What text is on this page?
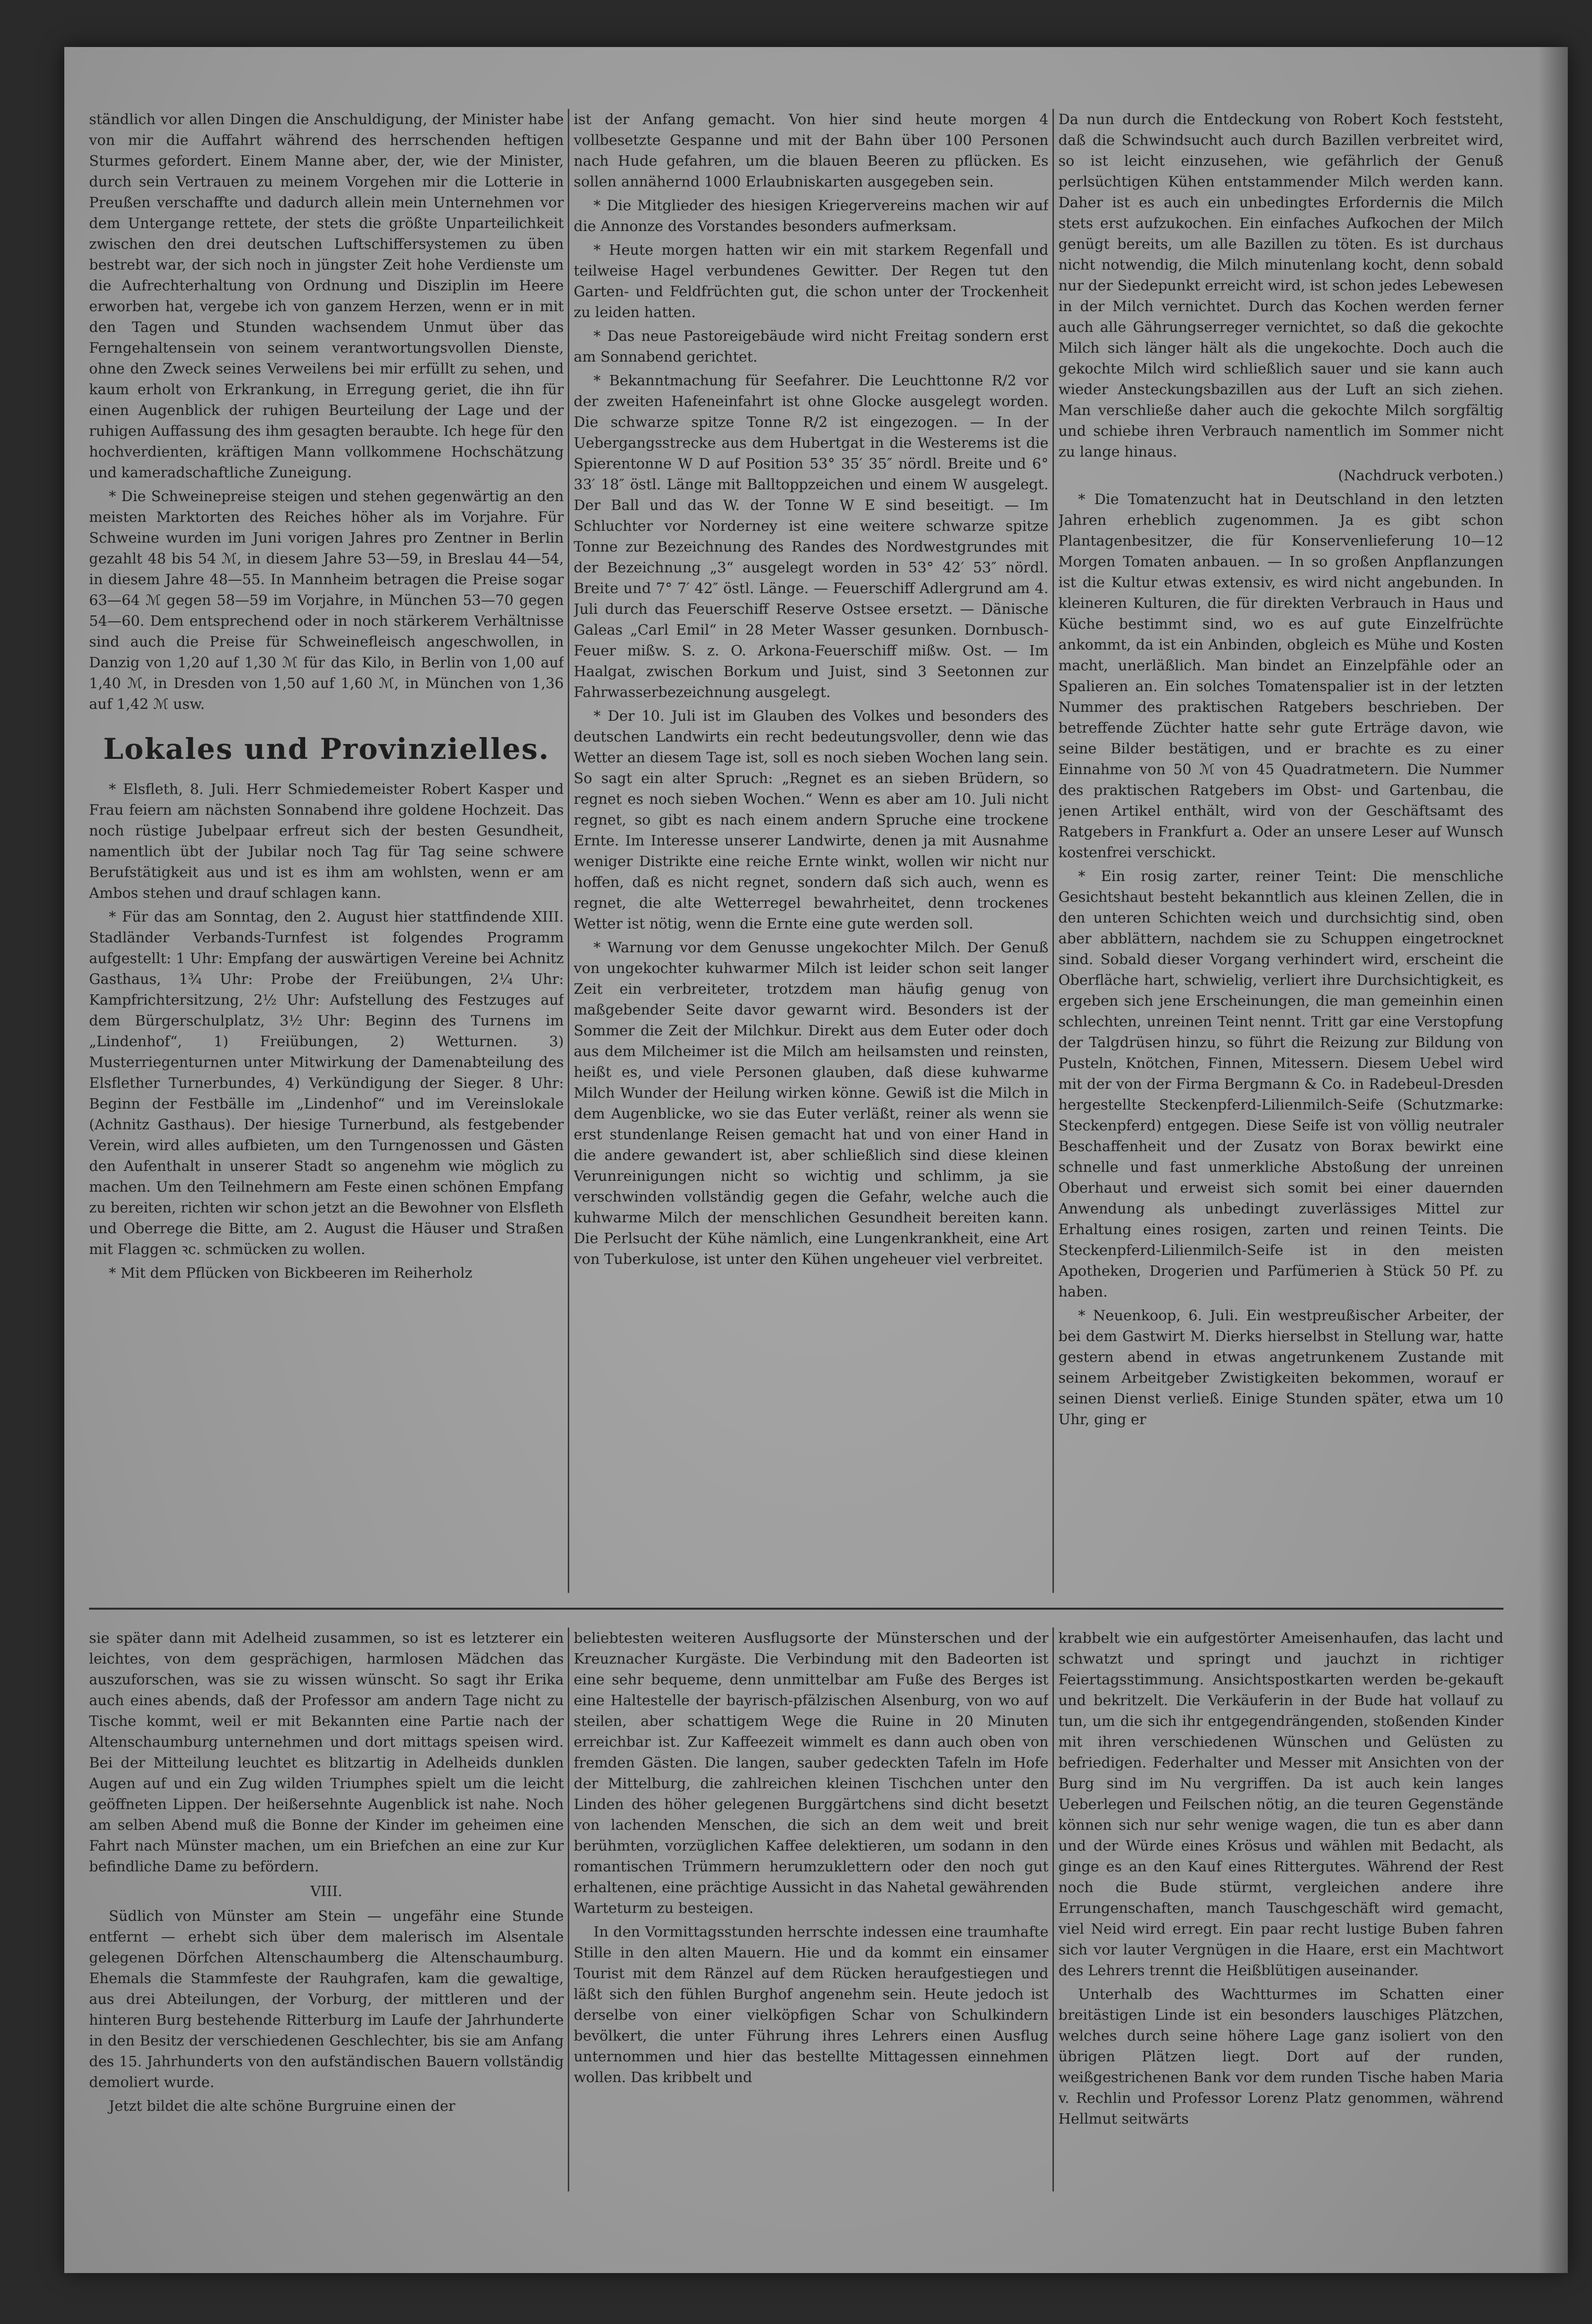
ständlich vor allen Dingen die Anschuldigung, der Minister habe von mir die Auffahrt während des herrschenden heftigen Sturmes gefordert. Einem Manne aber, der, wie der Minister, durch sein Vertrauen zu meinem Vorgehen mir die Lotterie in Preußen verschaffte und dadurch allein mein Unternehmen vor dem Untergange rettete, der stets die größte Unparteilichkeit zwischen den drei deutschen Luftschiffersystemen zu üben bestrebt war, der sich noch in jüngster Zeit hohe Verdienste um die Aufrechterhaltung von Ordnung und Disziplin im Heere erworben hat, vergebe ich von ganzem Herzen, wenn er in mit den Tagen und Stunden wachsendem Unmut über das Ferngehaltensein von seinem verantwortungsvollen Dienste, ohne den Zweck seines Verweilens bei mir erfüllt zu sehen, und kaum erholt von Erkrankung, in Erregung geriet, die ihn für einen Augenblick der ruhigen Beurteilung der Lage und der ruhigen Auffassung des ihm gesagten beraubte. Ich hege für den hochverdienten, kräftigen Mann vollkommene Hochschätzung und kameradschaftliche Zuneigung.

* Die Schweinepreise steigen und stehen gegenwärtig an den meisten Marktorten des Reiches höher als im Vorjahre. Für Schweine wurden im Juni vorigen Jahres pro Zentner in Berlin gezahlt 48 bis 54 ℳ, in diesem Jahre 53—59, in Breslau 44—54, in diesem Jahre 48—55. In Mannheim betragen die Preise sogar 63—64 ℳ gegen 58—59 im Vorjahre, in München 53—70 gegen 54—60. Dem entsprechend oder in noch stärkerem Verhältnisse sind auch die Preise für Schweinefleisch angeschwollen, in Danzig von 1,20 auf 1,30 ℳ für das Kilo, in Berlin von 1,00 auf 1,40 ℳ, in Dresden von 1,50 auf 1,60 ℳ, in München von 1,36 auf 1,42 ℳ usw.

Lokales und Provinzielles.

* Elsfleth, 8. Juli. Herr Schmiedemeister Robert Kasper und Frau feiern am nächsten Sonnabend ihre goldene Hochzeit. Das noch rüstige Jubelpaar erfreut sich der besten Gesundheit, namentlich übt der Jubilar noch Tag für Tag seine schwere Berufstätigkeit aus und ist es ihm am wohlsten, wenn er am Ambos stehen und drauf schlagen kann.

* Für das am Sonntag, den 2. August hier stattfindende XIII. Stadländer Verbands-Turnfest ist folgendes Programm aufgestellt: 1 Uhr: Empfang der auswärtigen Vereine bei Achnitz Gasthaus, 1¾ Uhr: Probe der Freiübungen, 2¼ Uhr: Kampfrichtersitzung, 2½ Uhr: Aufstellung des Festzuges auf dem Bürgerschulplatz, 3½ Uhr: Beginn des Turnens im „Lindenhof“, 1) Freiübungen, 2) Wetturnen. 3) Musterriegenturnen unter Mitwirkung der Damenabteilung des Elsflether Turnerbundes, 4) Verkündigung der Sieger. 8 Uhr: Beginn der Festbälle im „Lindenhof“ und im Vereinslokale (Achnitz Gasthaus). Der hiesige Turnerbund, als festgebender Verein, wird alles aufbieten, um den Turngenossen und Gästen den Aufenthalt in unserer Stadt so angenehm wie möglich zu machen. Um den Teilnehmern am Feste einen schönen Empfang zu bereiten, richten wir schon jetzt an die Bewohner von Elsfleth und Oberrege die Bitte, am 2. August die Häuser und Straßen mit Flaggen ꝛc. schmücken zu wollen.

* Mit dem Pflücken von Bickbeeren im Reiherholz

ist der Anfang gemacht. Von hier sind heute morgen 4 vollbesetzte Gespanne und mit der Bahn über 100 Personen nach Hude gefahren, um die blauen Beeren zu pflücken. Es sollen annähernd 1000 Erlaubniskarten ausgegeben sein.

* Die Mitglieder des hiesigen Kriegervereins machen wir auf die Annonze des Vorstandes besonders aufmerksam.

* Heute morgen hatten wir ein mit starkem Regenfall und teilweise Hagel verbundenes Gewitter. Der Regen tut den Garten- und Feldfrüchten gut, die schon unter der Trockenheit zu leiden hatten.

* Das neue Pastoreigebäude wird nicht Freitag sondern erst am Sonnabend gerichtet.

* Bekanntmachung für Seefahrer. Die Leuchttonne R/2 vor der zweiten Hafeneinfahrt ist ohne Glocke ausgelegt worden. Die schwarze spitze Tonne R/2 ist eingezogen. — In der Uebergangsstrecke aus dem Hubertgat in die Westerems ist die Spierentonne W D auf Position 53° 35′ 35″ nördl. Breite und 6° 33′ 18″ östl. Länge mit Balltoppzeichen und einem W ausgelegt. Der Ball und das W. der Tonne W E sind beseitigt. — Im Schluchter vor Norderney ist eine weitere schwarze spitze Tonne zur Bezeichnung des Randes des Nordwestgrundes mit der Bezeichnung „3“ ausgelegt worden in 53° 42′ 53″ nördl. Breite und 7° 7′ 42″ östl. Länge. — Feuerschiff Adlergrund am 4. Juli durch das Feuerschiff Reserve Ostsee ersetzt. — Dänische Galeas „Carl Emil“ in 28 Meter Wasser gesunken. Dornbusch-Feuer mißw. S. z. O. Arkona-Feuerschiff mißw. Ost. — Im Haalgat, zwischen Borkum und Juist, sind 3 Seetonnen zur Fahrwasserbezeichnung ausgelegt.

* Der 10. Juli ist im Glauben des Volkes und besonders des deutschen Landwirts ein recht bedeutungsvoller, denn wie das Wetter an diesem Tage ist, soll es noch sieben Wochen lang sein. So sagt ein alter Spruch: „Regnet es an sieben Brüdern, so regnet es noch sieben Wochen.“ Wenn es aber am 10. Juli nicht regnet, so gibt es nach einem andern Spruche eine trockene Ernte. Im Interesse unserer Landwirte, denen ja mit Ausnahme weniger Distrikte eine reiche Ernte winkt, wollen wir nicht nur hoffen, daß es nicht regnet, sondern daß sich auch, wenn es regnet, die alte Wetterregel bewahrheitet, denn trockenes Wetter ist nötig, wenn die Ernte eine gute werden soll.

* Warnung vor dem Genusse ungekochter Milch. Der Genuß von ungekochter kuhwarmer Milch ist leider schon seit langer Zeit ein verbreiteter, trotzdem man häufig genug von maßgebender Seite davor gewarnt wird. Besonders ist der Sommer die Zeit der Milchkur. Direkt aus dem Euter oder doch aus dem Milcheimer ist die Milch am heilsamsten und reinsten, heißt es, und viele Personen glauben, daß diese kuhwarme Milch Wunder der Heilung wirken könne. Gewiß ist die Milch in dem Augenblicke, wo sie das Euter verläßt, reiner als wenn sie erst stundenlange Reisen gemacht hat und von einer Hand in die andere gewandert ist, aber schließlich sind diese kleinen Verunreinigungen nicht so wichtig und schlimm, ja sie verschwinden vollständig gegen die Gefahr, welche auch die kuhwarme Milch der menschlichen Gesundheit bereiten kann. Die Perlsucht der Kühe nämlich, eine Lungenkrankheit, eine Art von Tuberkulose, ist unter den Kühen ungeheuer viel verbreitet.

Da nun durch die Entdeckung von Robert Koch feststeht, daß die Schwindsucht auch durch Bazillen verbreitet wird, so ist leicht einzusehen, wie gefährlich der Genuß perlsüchtigen Kühen entstammender Milch werden kann. Daher ist es auch ein unbedingtes Erfordernis die Milch stets erst aufzukochen. Ein einfaches Aufkochen der Milch genügt bereits, um alle Bazillen zu töten. Es ist durchaus nicht notwendig, die Milch minutenlang kocht, denn sobald nur der Siedepunkt erreicht wird, ist schon jedes Lebewesen in der Milch vernichtet. Durch das Kochen werden ferner auch alle Gährungserreger vernichtet, so daß die gekochte Milch sich länger hält als die ungekochte. Doch auch die gekochte Milch wird schließlich sauer und sie kann auch wieder Ansteckungsbazillen aus der Luft an sich ziehen. Man verschließe daher auch die gekochte Milch sorgfältig und schiebe ihren Verbrauch namentlich im Sommer nicht zu lange hinaus.

(Nachdruck verboten.)

* Die Tomatenzucht hat in Deutschland in den letzten Jahren erheblich zugenommen. Ja es gibt schon Plantagenbesitzer, die für Konservenlieferung 10—12 Morgen Tomaten anbauen. — In so großen Anpflanzungen ist die Kultur etwas extensiv, es wird nicht angebunden. In kleineren Kulturen, die für direkten Verbrauch in Haus und Küche bestimmt sind, wo es auf gute Einzelfrüchte ankommt, da ist ein Anbinden, obgleich es Mühe und Kosten macht, unerläßlich. Man bindet an Einzelpfähle oder an Spalieren an. Ein solches Tomatenspalier ist in der letzten Nummer des praktischen Ratgebers beschrieben. Der betreffende Züchter hatte sehr gute Erträge davon, wie seine Bilder bestätigen, und er brachte es zu einer Einnahme von 50 ℳ von 45 Quadratmetern. Die Nummer des praktischen Ratgebers im Obst- und Gartenbau, die jenen Artikel enthält, wird von der Geschäftsamt des Ratgebers in Frankfurt a. Oder an unsere Leser auf Wunsch kostenfrei verschickt.

* Ein rosig zarter, reiner Teint: Die menschliche Gesichtshaut besteht bekanntlich aus kleinen Zellen, die in den unteren Schichten weich und durchsichtig sind, oben aber abblättern, nachdem sie zu Schuppen eingetrocknet sind. Sobald dieser Vorgang verhindert wird, erscheint die Oberfläche hart, schwielig, verliert ihre Durchsichtigkeit, es ergeben sich jene Erscheinungen, die man gemeinhin einen schlechten, unreinen Teint nennt. Tritt gar eine Verstopfung der Talgdrüsen hinzu, so führt die Reizung zur Bildung von Pusteln, Knötchen, Finnen, Mitessern. Diesem Uebel wird mit der von der Firma Bergmann & Co. in Radebeul-Dresden hergestellte Steckenpferd-Lilienmilch-Seife (Schutzmarke: Steckenpferd) entgegen. Diese Seife ist von völlig neutraler Beschaffenheit und der Zusatz von Borax bewirkt eine schnelle und fast unmerkliche Abstoßung der unreinen Oberhaut und erweist sich somit bei einer dauernden Anwendung als unbedingt zuverlässiges Mittel zur Erhaltung eines rosigen, zarten und reinen Teints. Die Steckenpferd-Lilienmilch-Seife ist in den meisten Apotheken, Drogerien und Parfümerien à Stück 50 Pf. zu haben.

* Neuenkoop, 6. Juli. Ein westpreußischer Arbeiter, der bei dem Gastwirt M. Dierks hierselbst in Stellung war, hatte gestern abend in etwas angetrunkenem Zustande mit seinem Arbeitgeber Zwistigkeiten bekommen, worauf er seinen Dienst verließ. Einige Stunden später, etwa um 10 Uhr, ging er

sie später dann mit Adelheid zusammen, so ist es letzterer ein leichtes, von dem gesprächigen, harmlosen Mädchen das auszuforschen, was sie zu wissen wünscht. So sagt ihr Erika auch eines abends, daß der Professor am andern Tage nicht zu Tische kommt, weil er mit Bekannten eine Partie nach der Altenschaumburg unternehmen und dort mittags speisen wird. Bei der Mitteilung leuchtet es blitzartig in Adelheids dunklen Augen auf und ein Zug wilden Triumphes spielt um die leicht geöffneten Lippen. Der heißersehnte Augenblick ist nahe. Noch am selben Abend muß die Bonne der Kinder im geheimen eine Fahrt nach Münster machen, um ein Briefchen an eine zur Kur befindliche Dame zu befördern.

VIII.

Südlich von Münster am Stein — ungefähr eine Stunde entfernt — erhebt sich über dem malerisch im Alsentale gelegenen Dörfchen Altenschaumberg die Altenschaumburg. Ehemals die Stammfeste der Rauhgrafen, kam die gewaltige, aus drei Abteilungen, der Vorburg, der mittleren und der hinteren Burg bestehende Ritterburg im Laufe der Jahrhunderte in den Besitz der verschiedenen Geschlechter, bis sie am Anfang des 15. Jahrhunderts von den aufständischen Bauern vollständig demoliert wurde.

Jetzt bildet die alte schöne Burgruine einen der

beliebtesten weiteren Ausflugsorte der Münsterschen und der Kreuznacher Kurgäste. Die Verbindung mit den Badeorten ist eine sehr bequeme, denn unmittelbar am Fuße des Berges ist eine Haltestelle der bayrisch-pfälzischen Alsenburg, von wo auf steilen, aber schattigem Wege die Ruine in 20 Minuten erreichbar ist. Zur Kaffeezeit wimmelt es dann auch oben von fremden Gästen. Die langen, sauber gedeckten Tafeln im Hofe der Mittelburg, die zahlreichen kleinen Tischchen unter den Linden des höher gelegenen Burggärtchens sind dicht besetzt von lachenden Menschen, die sich an dem weit und breit berühmten, vorzüglichen Kaffee delektieren, um sodann in den romantischen Trümmern herumzuklettern oder den noch gut erhaltenen, eine prächtige Aussicht in das Nahetal gewährenden Warteturm zu besteigen.

In den Vormittagsstunden herrschte indessen eine traumhafte Stille in den alten Mauern. Hie und da kommt ein einsamer Tourist mit dem Ränzel auf dem Rücken heraufgestiegen und läßt sich den fühlen Burghof angenehm sein. Heute jedoch ist derselbe von einer vielköpfigen Schar von Schulkindern bevölkert, die unter Führung ihres Lehrers einen Ausflug unternommen und hier das bestellte Mittagessen einnehmen wollen. Das kribbelt und

krabbelt wie ein aufgestörter Ameisenhaufen, das lacht und schwatzt und springt und jauchzt in richtiger Feiertagsstimmung. Ansichtspostkarten werden be-gekauft und bekritzelt. Die Verkäuferin in der Bude hat vollauf zu tun, um die sich ihr entgegendrängenden, stoßenden Kinder mit ihren verschiedenen Wünschen und Gelüsten zu befriedigen. Federhalter und Messer mit Ansichten von der Burg sind im Nu vergriffen. Da ist auch kein langes Ueberlegen und Feilschen nötig, an die teuren Gegenstände können sich nur sehr wenige wagen, die tun es aber dann und der Würde eines Krösus und wählen mit Bedacht, als ginge es an den Kauf eines Rittergutes. Während der Rest noch die Bude stürmt, vergleichen andere ihre Errungenschaften, manch Tauschgeschäft wird gemacht, viel Neid wird erregt. Ein paar recht lustige Buben fahren sich vor lauter Vergnügen in die Haare, erst ein Machtwort des Lehrers trennt die Heißblütigen auseinander.

Unterhalb des Wachtturmes im Schatten einer breitästigen Linde ist ein besonders lauschiges Plätzchen, welches durch seine höhere Lage ganz isoliert von den übrigen Plätzen liegt. Dort auf der runden, weißgestrichenen Bank vor dem runden Tische haben Maria v. Rechlin und Professor Lorenz Platz genommen, während Hellmut seitwärts
